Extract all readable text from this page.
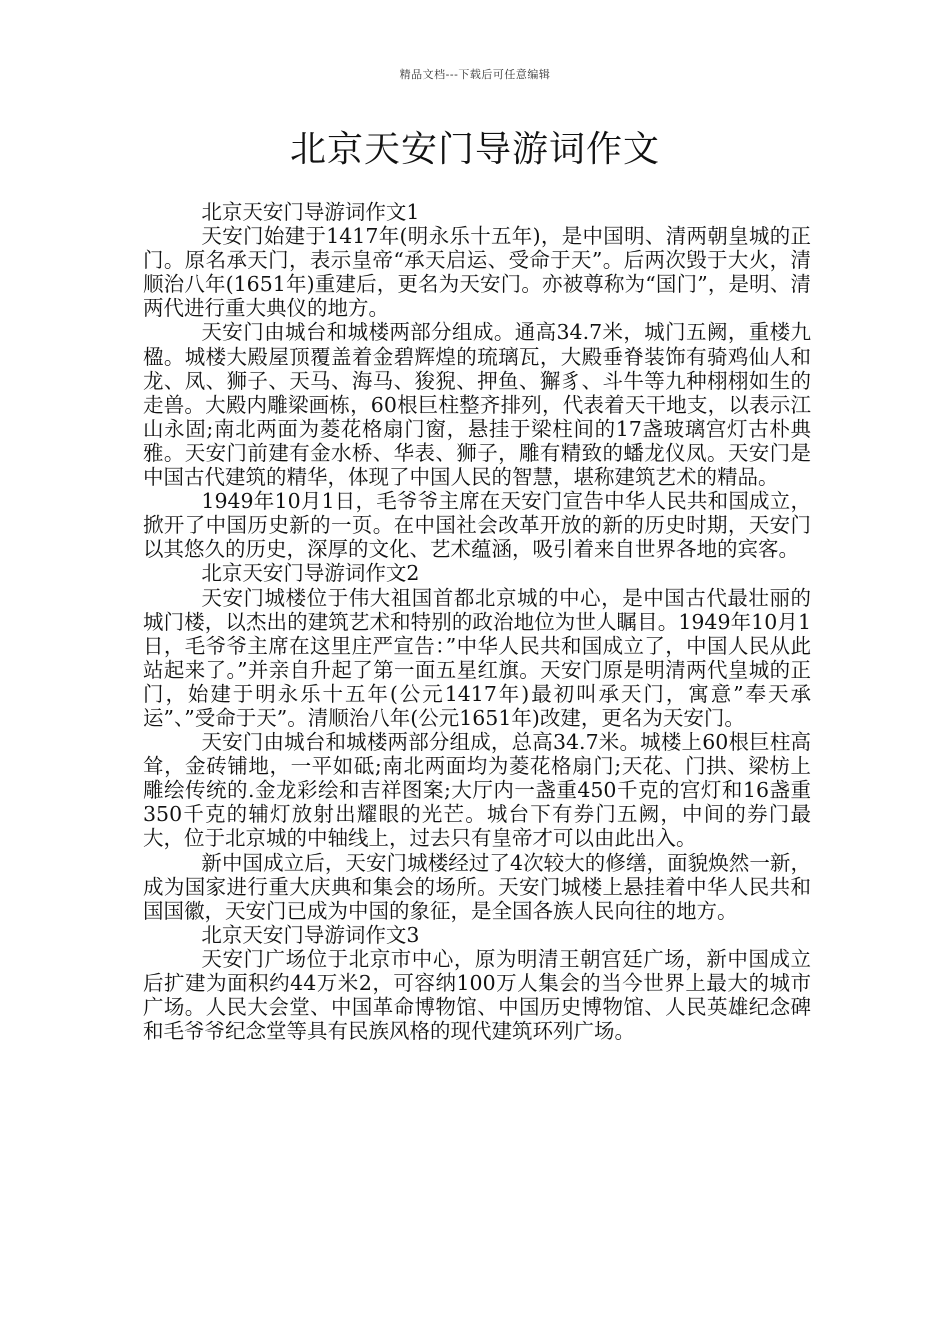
精品文档---下载后可任意编辑
北京天安门导游词作文

北京天安门导游词作文1

天安门始建于1417年(明永乐十五年)，是中国明、清两朝皇城的正门。原名承天门，表示皇帝“承天启运、受命于天”。后两次毁于大火，清顺治八年(1651年)重建后，更名为天安门。亦被尊称为“国门”，是明、清两代进行重大典仪的地方。

天安门由城台和城楼两部分组成。通高34.7米，城门五阙，重楼九楹。城楼大殿屋顶覆盖着金碧辉煌的琉璃瓦，大殿垂脊装饰有骑鸡仙人和龙、凤、狮子、天马、海马、狻猊、押鱼、獬豸、斗牛等九种栩栩如生的走兽。大殿内雕梁画栋，60根巨柱整齐排列，代表着天干地支，以表示江山永固;南北两面为菱花格扇门窗，悬挂于梁柱间的17盏玻璃宫灯古朴典雅。天安门前建有金水桥、华表、狮子，雕有精致的蟠龙仪凤。天安门是中国古代建筑的精华，体现了中国人民的智慧，堪称建筑艺术的精品。

1949年10月1日，毛爷爷主席在天安门宣告中华人民共和国成立，掀开了中国历史新的一页。在中国社会改革开放的新的历史时期，天安门以其悠久的历史，深厚的文化、艺术蕴涵，吸引着来自世界各地的宾客。

北京天安门导游词作文2

天安门城楼位于伟大祖国首都北京城的中心，是中国古代最壮丽的城门楼，以杰出的建筑艺术和特别的政治地位为世人瞩目。1949年10月1日，毛爷爷主席在这里庄严宣告：”中华人民共和国成立了，中国人民从此站起来了。”并亲自升起了第一面五星红旗。天安门原是明清两代皇城的正门，始建于明永乐十五年(公元1417年)最初叫承天门，寓意”奉天承运”、”受命于天”。清顺治八年(公元1651年)改建，更名为天安门。

天安门由城台和城楼两部分组成，总高34.7米。城楼上60根巨柱高耸，金砖铺地，一平如砥;南北两面均为菱花格扇门;天花、门拱、梁枋上雕绘传统的.金龙彩绘和吉祥图案;大厅内一盏重450千克的宫灯和16盏重350千克的辅灯放射出耀眼的光芒。城台下有券门五阙，中间的券门最大，位于北京城的中轴线上，过去只有皇帝才可以由此出入。

新中国成立后，天安门城楼经过了4次较大的修缮，面貌焕然一新，成为国家进行重大庆典和集会的场所。天安门城楼上悬挂着中华人民共和国国徽，天安门已成为中国的象征，是全国各族人民向往的地方。

北京天安门导游词作文3

天安门广场位于北京市中心，原为明清王朝宫廷广场，新中国成立后扩建为面积约44万米2，可容纳100万人集会的当今世界上最大的城市广场。人民大会堂、中国革命博物馆、中国历史博物馆、人民英雄纪念碑和毛爷爷纪念堂等具有民族风格的现代建筑环列广场。
